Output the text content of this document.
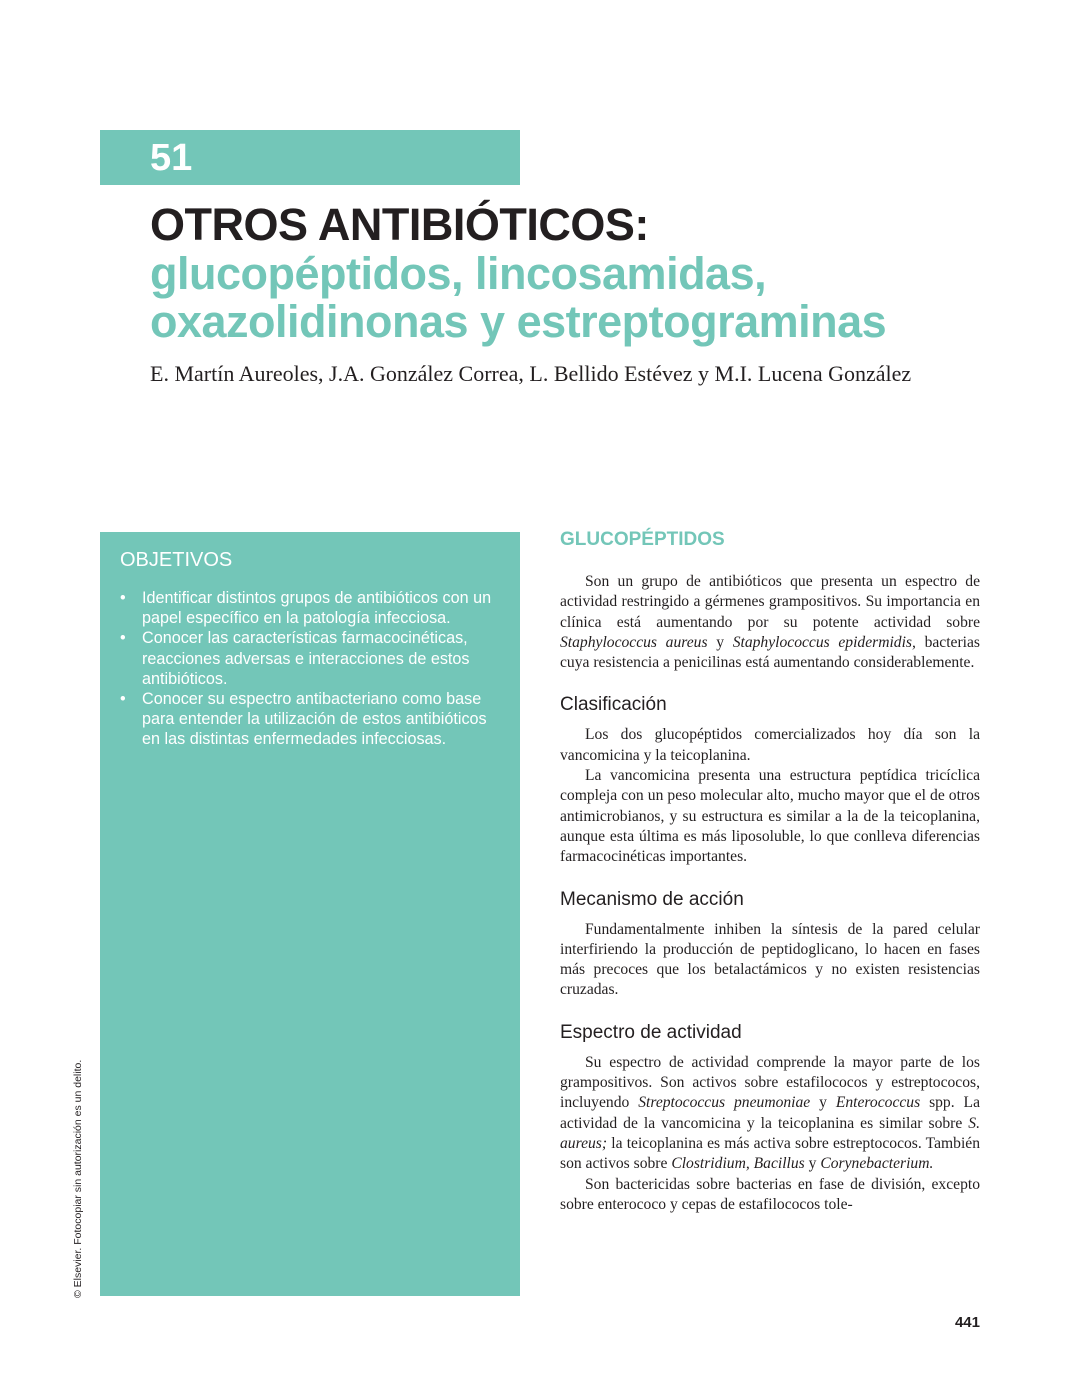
51
OTROS ANTIBIÓTICOS:
glucopéptidos, lincosamidas,
oxazolidinonas y estreptograminas
E. Martín Aureoles, J.A. González Correa, L. Bellido Estévez y M.I. Lucena González
OBJETIVOS
• Identificar distintos grupos de antibióticos con un papel específico en la patología infecciosa.
• Conocer las características farmacocinéticas, reacciones adversas e interacciones de estos antibióticos.
• Conocer su espectro antibacteriano como base para entender la utilización de estos antibióticos en las distintas enfermedades infecciosas.
GLUCOPÉPTIDOS

Son un grupo de antibióticos que presenta un espectro de actividad restringido a gérmenes grampositivos. Su importancia en clínica está aumentando por su potente actividad sobre Staphylococcus aureus y Staphylococcus epidermidis, bacterias cuya resistencia a penicilinas está aumentando considerablemente.

Clasificación

Los dos glucopéptidos comercializados hoy día son la vancomicina y la teicoplanina.

La vancomicina presenta una estructura peptídica tricíclica compleja con un peso molecular alto, mucho mayor que el de otros antimicrobianos, y su estructura es similar a la de la teicoplanina, aunque esta última es más liposoluble, lo que conlleva diferencias farmacocinéticas importantes.

Mecanismo de acción

Fundamentalmente inhiben la síntesis de la pared celular interfiriendo la producción de peptidoglicano, lo hacen en fases más precoces que los betalactámicos y no existen resistencias cruzadas.

Espectro de actividad

Su espectro de actividad comprende la mayor parte de los grampositivos. Son activos sobre estafilococos y estreptococos, incluyendo Streptococcus pneumoniae y Enterococcus spp. La actividad de la vancomicina y la teicoplanina es similar sobre S. aureus; la teicoplanina es más activa sobre estreptococos. También son activos sobre Clostridium, Bacillus y Corynebacterium.

Son bactericidas sobre bacterias en fase de división, excepto sobre enterococo y cepas de estafilococos tole-

© Elsevier. Fotocopiar sin autorización es un delito.
441
